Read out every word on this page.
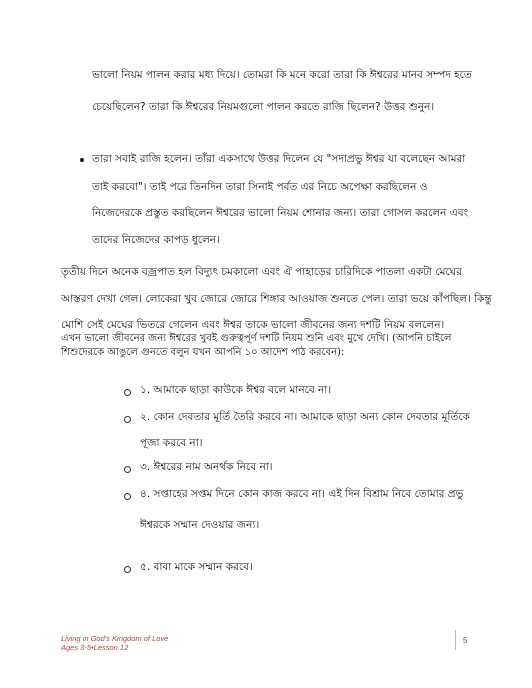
ভালো নিয়ম পালন করার মধ্য দিয়ে। তোমরা কি মনে করো তারা কি ঈশ্বরের মানব সম্পদ হতে
চেয়েছিলেন? তারা কি ঈশ্বরের নিয়মগুলো পালন করতে রাজি ছিলেন? উত্তর শুনুন।
তারা সবাই রাজি হলেন। তাঁরা একসাথে উত্তর দিলেন যে "সদাপ্রভু ঈশ্বর যা বলেছেন আমরা
তাই করবো"। তাই পরে তিনদিন তারা সিনাই পর্বত এর নিচে অপেক্ষা করছিলেন ও
নিজেদেরকে প্রস্তুত করছিলেন ঈশ্বরের ভালো নিয়ম শোনার জন্য। তারা গোসল করলেন এবং
তাদের নিজেদের কাপড় ধুলেন।
তৃতীয় দিনে অনেক বজ্রপাত হল বিদ্যুৎ চমকালো এবং ঐ পাহাড়ের চারিদিকে পাতলা একটা মেঘের
আস্তরণ দেখা গেল। লোকেরা খুব জোরে জোরে শিঙ্গার আওয়াজ শুনতে পেল। তারা ভয়ে কাঁপছিল। কিন্তু
মোশি সেই মেঘের ভিতরে গেলেন এবং ঈশ্বর তাকে ভালো জীবনের জন্য দশটি নিয়ম বললেন।
এখন ভালো জীবনের জন্য ঈশ্বরের খুবই গুরুত্বপূর্ণ দশটি নিয়ম শুনি এবং মুখে দেখি। (আপনি চাইলে
শিশুদেরকে আঙুলে গুনতে বলুন যখন আপনি ১০ আদেশ পাঠ করবেন):
১. আমাকে ছাড়া কাউকে ঈশ্বর বলে মানবে না।
২. কোন দেবতার মূর্তি তৈরি করবে না। আমাকে ছাড়া অন্য কোন দেবতার মূর্তিকে
পূজা করবে না।
৩. ঈশ্বরের নাম অনর্থক নিবে না।
৪. সপ্তাহের সপ্তম দিনে কোন কাজ করবে না। এই দিন বিশ্রাম নিবে তোমার প্রভু
ঈশ্বরকে সম্মান দেওয়ার জন্য।
৫. বাবা মাকে সম্মান করবে।
Living in God's Kingdom of Love
Ages 3-5•Lesson 12
5
